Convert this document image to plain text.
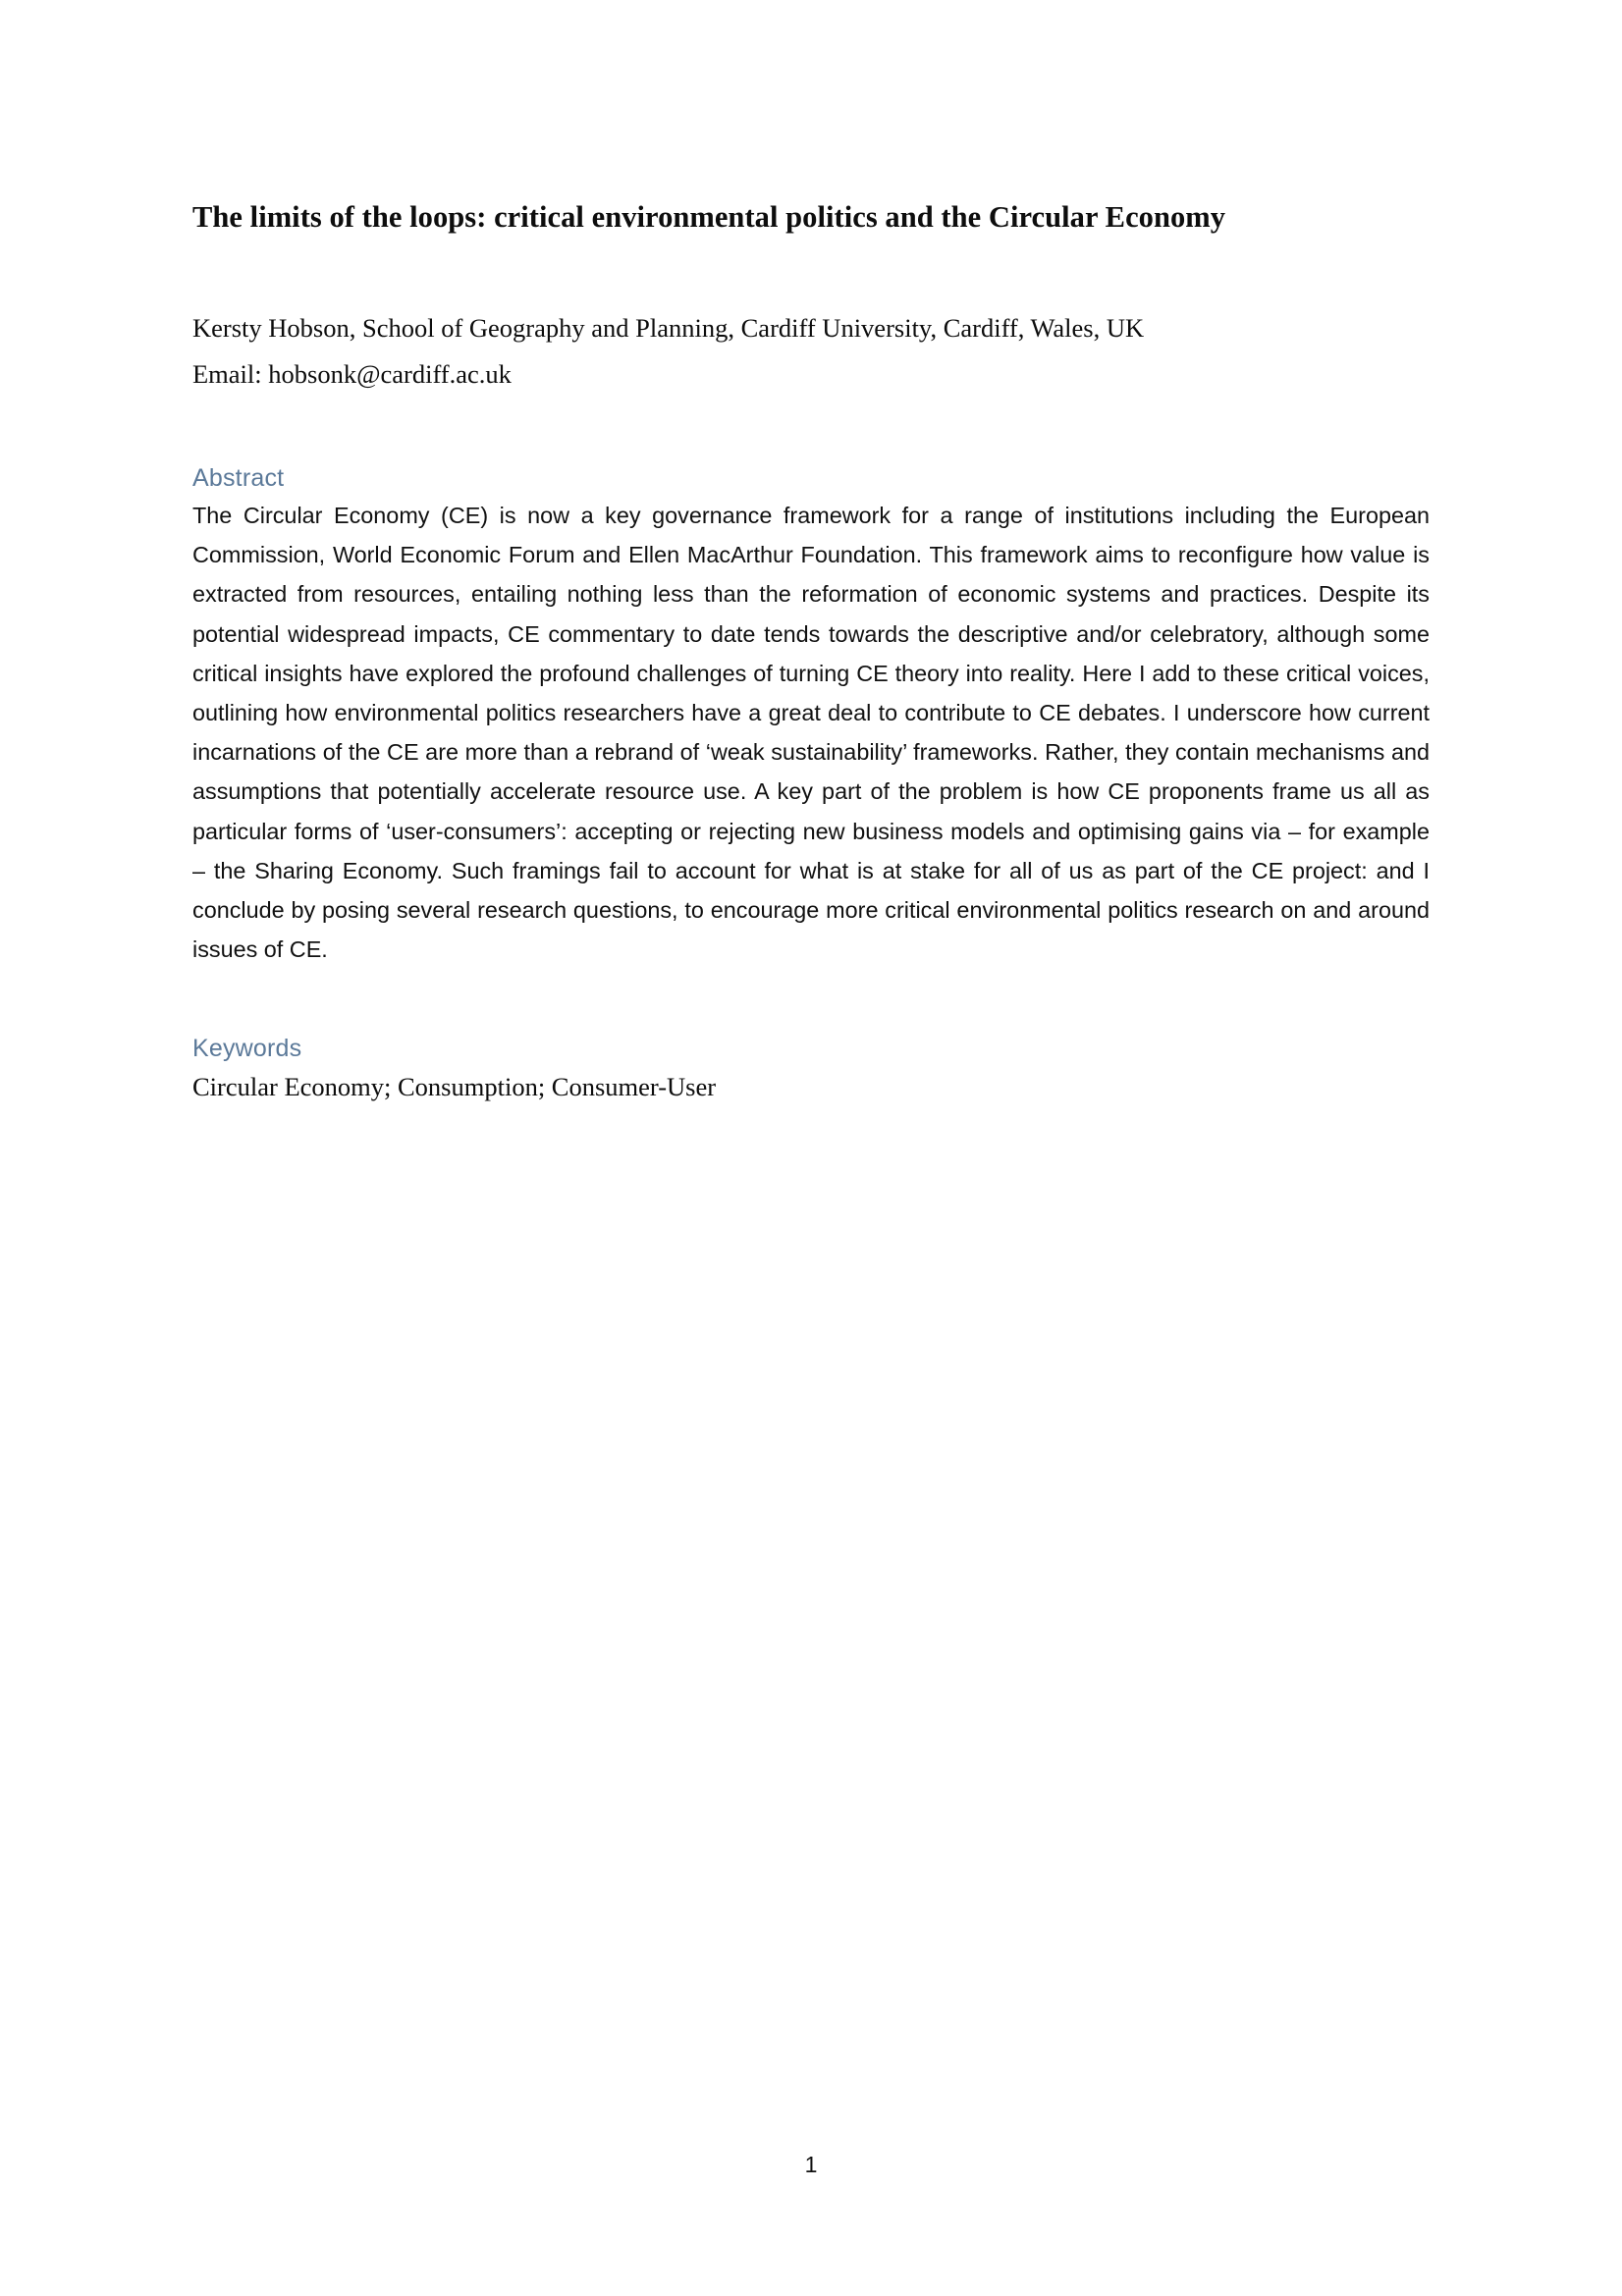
The limits of the loops: critical environmental politics and the Circular Economy
Kersty Hobson, School of Geography and Planning, Cardiff University, Cardiff, Wales, UK
Email: hobsonk@cardiff.ac.uk
Abstract

The Circular Economy (CE) is now a key governance framework for a range of institutions including the European Commission, World Economic Forum and Ellen MacArthur Foundation. This framework aims to reconfigure how value is extracted from resources, entailing nothing less than the reformation of economic systems and practices. Despite its potential widespread impacts, CE commentary to date tends towards the descriptive and/or celebratory, although some critical insights have explored the profound challenges of turning CE theory into reality. Here I add to these critical voices, outlining how environmental politics researchers have a great deal to contribute to CE debates. I underscore how current incarnations of the CE are more than a rebrand of ‘weak sustainability’ frameworks. Rather, they contain mechanisms and assumptions that potentially accelerate resource use. A key part of the problem is how CE proponents frame us all as particular forms of ‘user-consumers’: accepting or rejecting new business models and optimising gains via – for example – the Sharing Economy. Such framings fail to account for what is at stake for all of us as part of the CE project: and I conclude by posing several research questions, to encourage more critical environmental politics research on and around issues of CE.

Keywords

Circular Economy; Consumption; Consumer-User

1
